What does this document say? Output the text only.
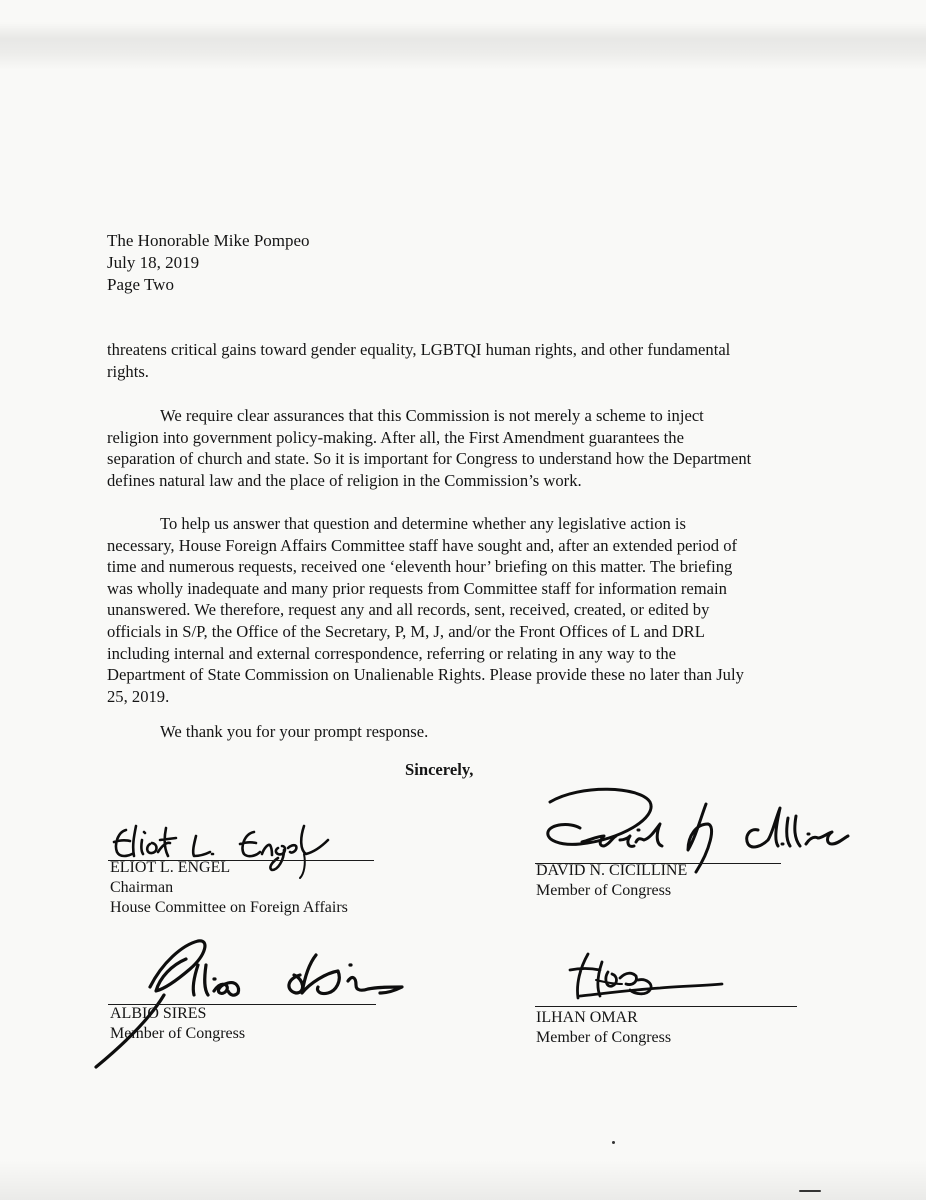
The Honorable Mike Pompeo
July 18, 2019
Page Two

threatens critical gains toward gender equality, LGBTQI human rights, and other fundamental

rights.

We require clear assurances that this Commission is not merely a scheme to inject

religion into government policy-making. After all, the First Amendment guarantees the

separation of church and state. So it is important for Congress to understand how the Department

defines natural law and the place of religion in the Commission’s work.

To help us answer that question and determine whether any legislative action is

necessary, House Foreign Affairs Committee staff have sought and, after an extended period of

time and numerous requests, received one ‘eleventh hour’ briefing on this matter. The briefing

was wholly inadequate and many prior requests from Committee staff for information remain

unanswered. We therefore, request any and all records, sent, received, created, or edited by

officials in S/P, the Office of the Secretary, P, M, J, and/or the Front Offices of L and DRL

including internal and external correspondence, referring or relating in any way to the

Department of State Commission on Unalienable Rights. Please provide these no later than July

25, 2019.

We thank you for your prompt response.

Sincerely,
ELIOT L. ENGEL
Chairman
House Committee on Foreign Affairs
DAVID N. CICILLINE
Member of Congress
ALBIO SIRES
Member of Congress
ILHAN OMAR
Member of Congress
